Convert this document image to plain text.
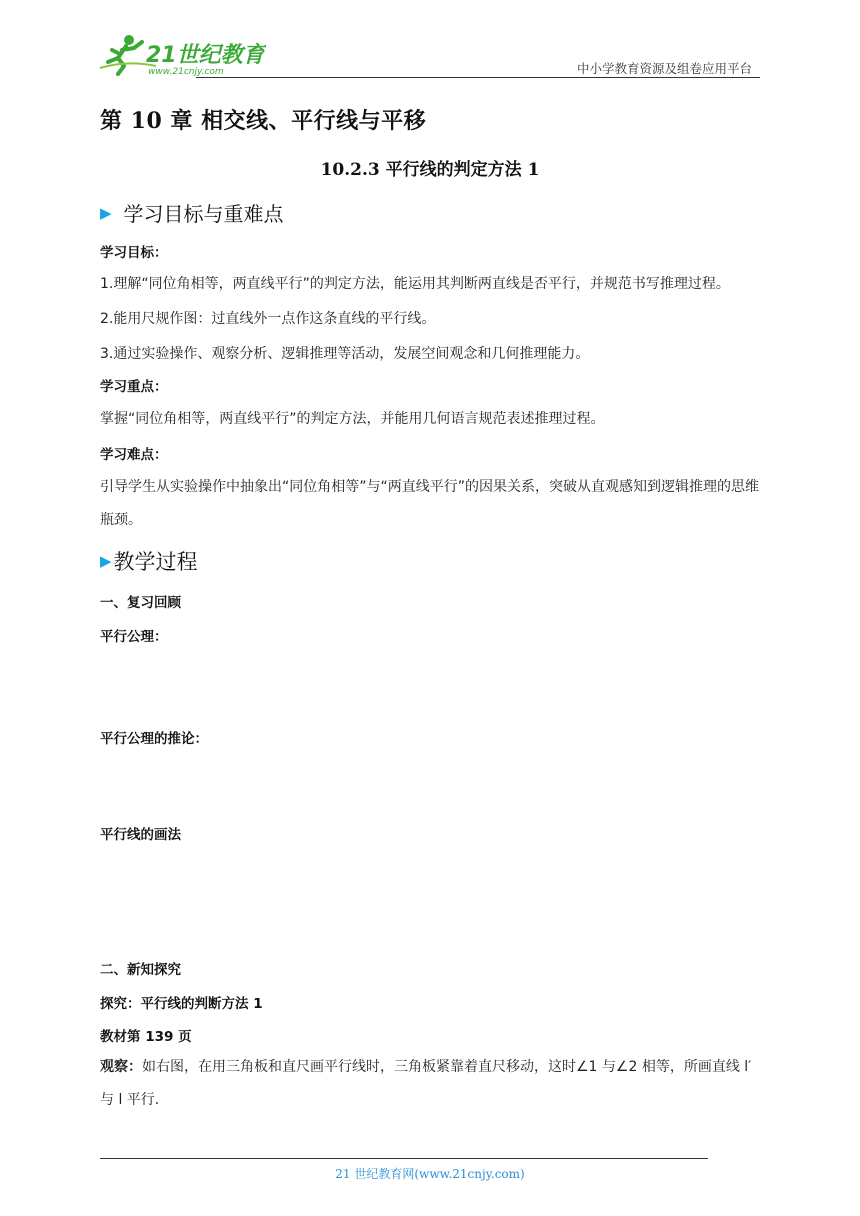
21世纪教育
www.21cnjy.com	中小学教育资源及组卷应用平台
第 10 章 相交线、平行线与平移
10.2.3 平行线的判定方法 1
▶ 学习目标与重难点
学习目标：
1.理解“同位角相等，两直线平行”的判定方法，能运用其判断两直线是否平行，并规范书写推理过程。
2.能用尺规作图：过直线外一点作这条直线的平行线。
3.通过实验操作、观察分析、逻辑推理等活动，发展空间观念和几何推理能力。
学习重点：
掌握“同位角相等，两直线平行”的判定方法，并能用几何语言规范表述推理过程。
学习难点：
引导学生从实验操作中抽象出“同位角相等”与“两直线平行”的因果关系，突破从直观感知到逻辑推理的思维瓶颈。
▶ 教学过程
一、复习回顾
平行公理：
平行公理的推论：
平行线的画法
二、新知探究
探究：平行线的判断方法 1
教材第 139 页
观察：如右图，在用三角板和直尺画平行线时，三角板紧靠着直尺移动，这时∠1 与∠2 相等，所画直线 l′与 l 平行.
21 世纪教育网(www.21cnjy.com)
